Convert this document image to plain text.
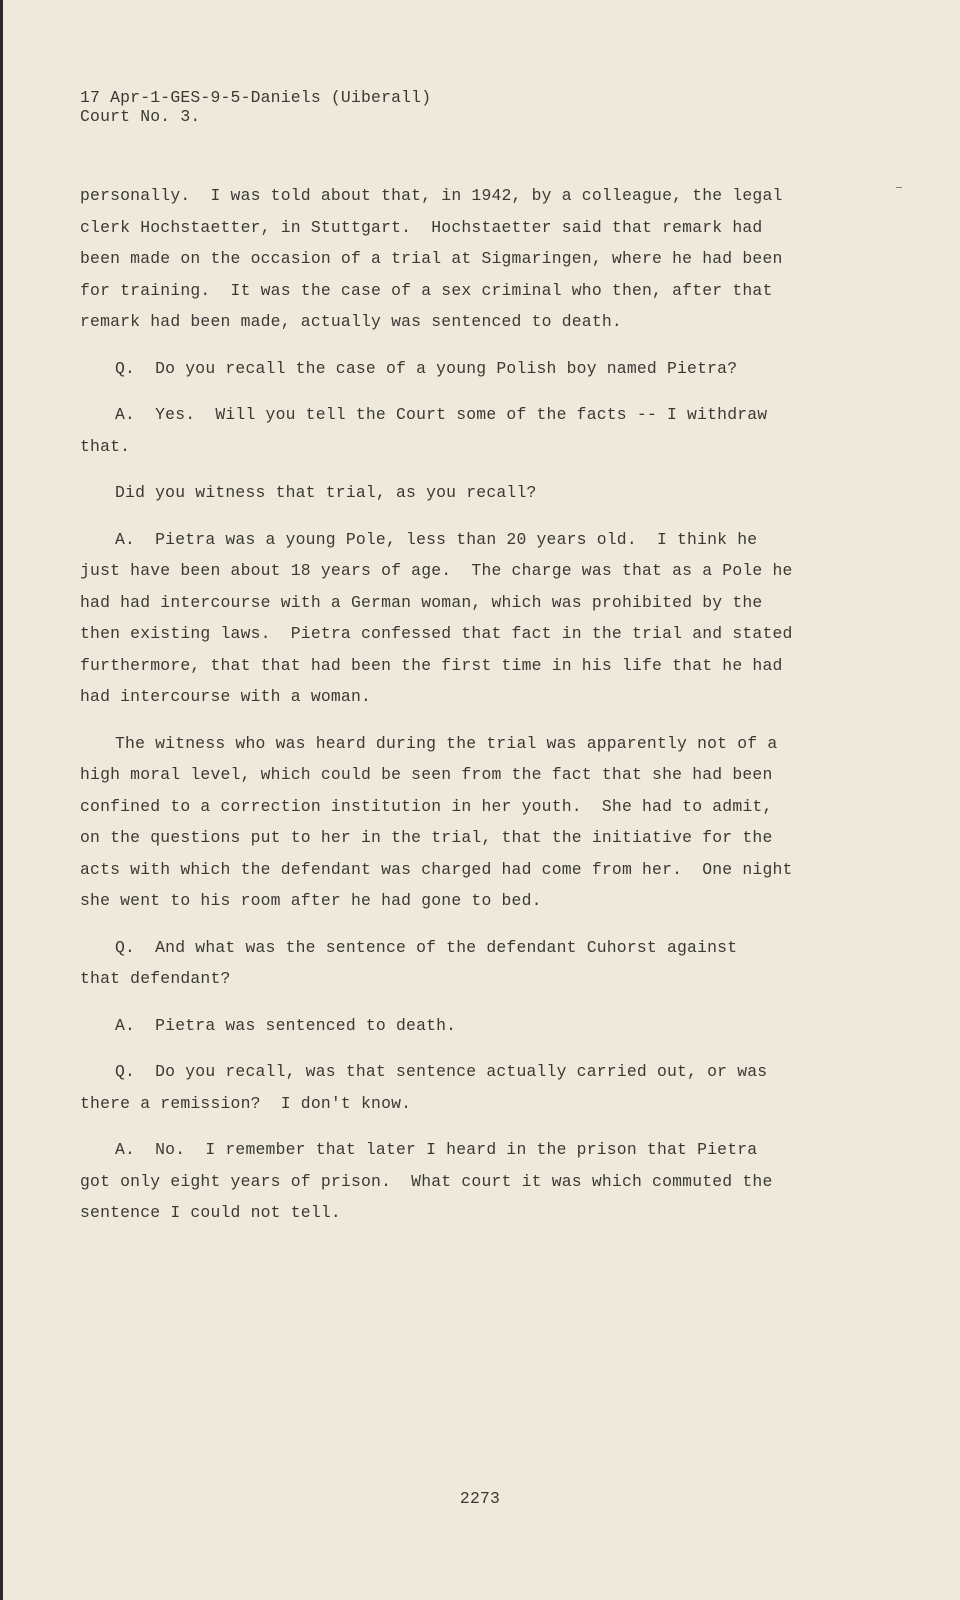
17 Apr-1-GES-9-5-Daniels (Uiberall)
Court No. 3.
personally.  I was told about that, in 1942, by a colleague, the legal
clerk Hochstaetter, in Stuttgart.  Hochstaetter said that remark had
been made on the occasion of a trial at Sigmaringen, where he had been
for training.  It was the case of a sex criminal who then, after that
remark had been made, actually was sentenced to death.
Q.  Do you recall the case of a young Polish boy named Pietra?
A.  Yes.  Will you tell the Court some of the facts -- I withdraw
that.
Did you witness that trial, as you recall?
A.  Pietra was a young Pole, less than 20 years old.  I think he
just have been about 18 years of age.  The charge was that as a Pole he
had had intercourse with a German woman, which was prohibited by the
then existing laws.  Pietra confessed that fact in the trial and stated
furthermore, that that had been the first time in his life that he had
had intercourse with a woman.
The witness who was heard during the trial was apparently not of a
high moral level, which could be seen from the fact that she had been
confined to a correction institution in her youth.  She had to admit,
on the questions put to her in the trial, that the initiative for the
acts with which the defendant was charged had come from her.  One night
she went to his room after he had gone to bed.
Q.  And what was the sentence of the defendant Cuhorst against
that defendant?
A.  Pietra was sentenced to death.
Q.  Do you recall, was that sentence actually carried out, or was
there a remission?  I don't know.
A.  No.  I remember that later I heard in the prison that Pietra
got only eight years of prison.  What court it was which commuted the
sentence I could not tell.
2273
